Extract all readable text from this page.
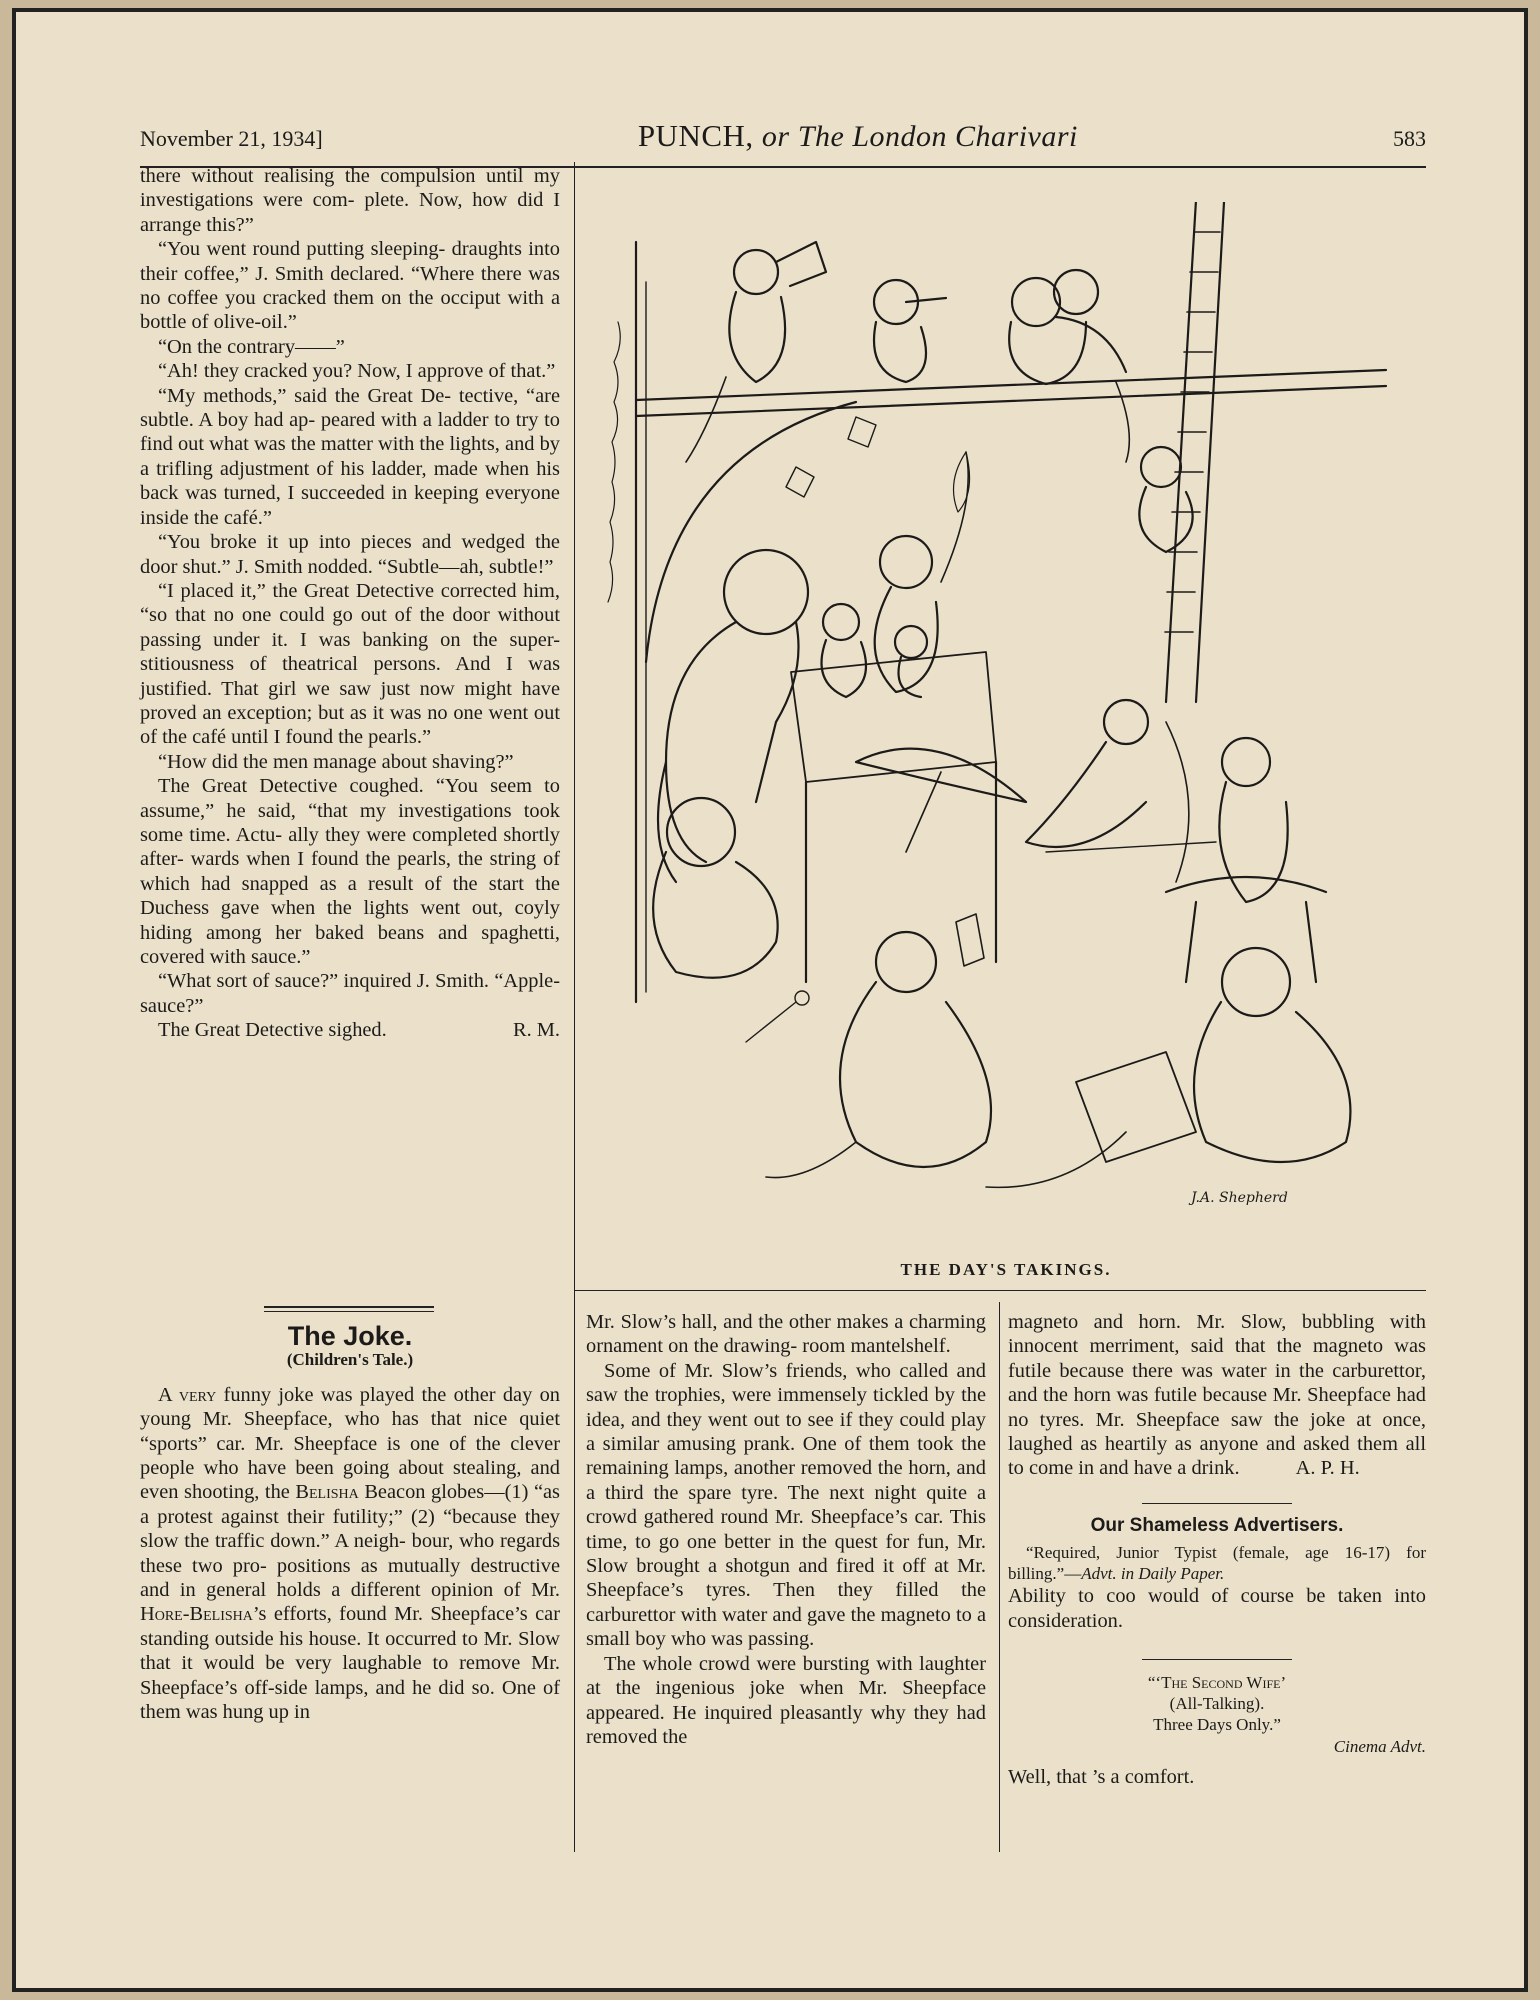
November 21, 1934]	PUNCH, or The London Charivari	583

there without realising the compulsion until my investigations were com- plete. Now, how did I arrange this?”

“You went round putting sleeping- draughts into their coffee,” J. Smith declared. “Where there was no coffee you cracked them on the occiput with a bottle of olive-oil.”

“On the contrary——”

“Ah! they cracked you? Now, I approve of that.”

“My methods,” said the Great De- tective, “are subtle. A boy had ap- peared with a ladder to try to find out what was the matter with the lights, and by a trifling adjustment of his ladder, made when his back was turned, I succeeded in keeping everyone inside the café.”

“You broke it up into pieces and wedged the door shut.” J. Smith nodded. “Subtle—ah, subtle!”

“I placed it,” the Great Detective corrected him, “so that no one could go out of the door without passing under it. I was banking on the super- stitiousness of theatrical persons. And I was justified. That girl we saw just now might have proved an exception; but as it was no one went out of the café until I found the pearls.”

“How did the men manage about shaving?”

The Great Detective coughed. “You seem to assume,” he said, “that my investigations took some time. Actu- ally they were completed shortly after- wards when I found the pearls, the string of which had snapped as a result of the start the Duchess gave when the lights went out, coyly hiding among her baked beans and spaghetti, covered with sauce.”

“What sort of sauce?” inquired J. Smith. “Apple-sauce?”

The Great Detective sighed.	R. M.

The Joke.
(Children's Tale.)

A very funny joke was played the other day on young Mr. Sheepface, who has that nice quiet “sports” car. Mr. Sheepface is one of the clever people who have been going about stealing, and even shooting, the Belisha Beacon globes—(1) “as a protest against their futility;” (2) “because they slow the traffic down.” A neigh- bour, who regards these two pro- positions as mutually destructive and in general holds a different opinion of Mr. Hore-Belisha’s efforts, found Mr. Sheepface’s car standing outside his house. It occurred to Mr. Slow that it would be very laughable to remove Mr. Sheepface’s off-side lamps, and he did so. One of them was hung up in

Mr. Slow’s hall, and the other makes a charming ornament on the drawing- room mantelshelf.

Some of Mr. Slow’s friends, who called and saw the trophies, were immensely tickled by the idea, and they went out to see if they could play a similar amusing prank. One of them took the remaining lamps, another removed the horn, and a third the spare tyre. The next night quite a crowd gathered round Mr. Sheepface’s car. This time, to go one better in the quest for fun, Mr. Slow brought a shotgun and fired it off at Mr. Sheepface’s tyres. Then they filled the carburettor with water and gave the magneto to a small boy who was passing.

The whole crowd were bursting with laughter at the ingenious joke when Mr. Sheepface appeared. He inquired pleasantly why they had removed the

magneto and horn. Mr. Slow, bubbling with innocent merriment, said that the magneto was futile because there was water in the carburettor, and the horn was futile because Mr. Sheepface had no tyres. Mr. Sheepface saw the joke at once, laughed as heartily as anyone and asked them all to come in and have a drink.	A. P. H.

Our Shameless Advertisers.

“Required, Junior Typist (female, age 16-17) for billing.”—Advt. in Daily Paper.

Ability to coo would of course be taken into consideration.

“‘The Second Wife’

(All-Talking).

Three Days Only.”

Cinema Advt.

Well, that ’s a comfort.

J.A. Shepherd
THE DAY'S TAKINGS.
